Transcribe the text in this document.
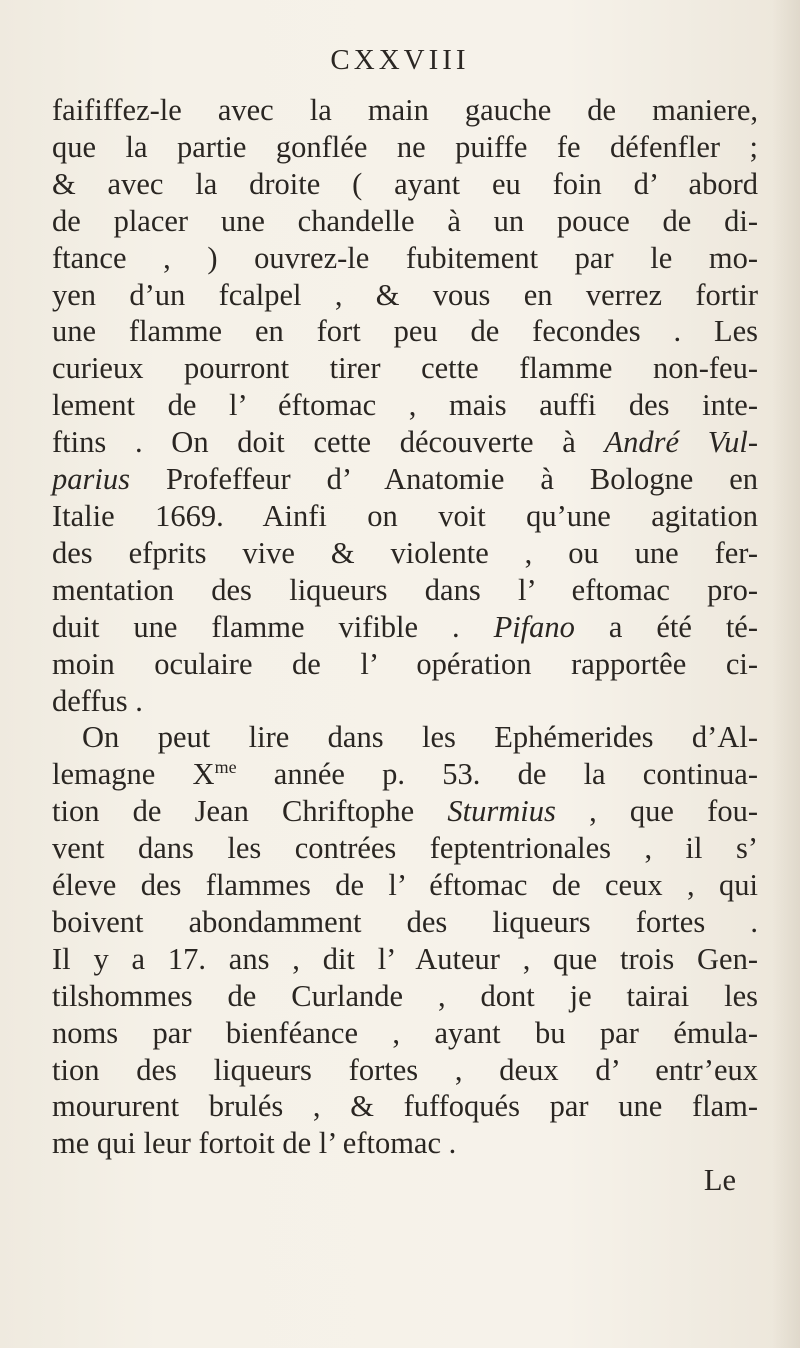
CXXVIII
faififfez-le avec la main gauche de maniere,
que la partie gonflée ne puiffe fe défenfler ;
& avec la droite ( ayant eu foin d’ abord
de placer une chandelle à un pouce de di-
ftance , ) ouvrez-le fubitement par le mo-
yen d’un fcalpel , & vous en verrez fortir
une flamme en fort peu de fecondes . Les
curieux pourront tirer cette flamme non-feu-
lement de l’ éftomac , mais auffi des inte-
ftins . On doit cette découverte à André Vul-
parius Profeffeur d’ Anatomie à Bologne en
Italie 1669. Ainfi on voit qu’une agitation
des efprits vive & violente , ou une fer-
mentation des liqueurs dans l’ eftomac pro-
duit une flamme vifible . Pifano a été té-
moin oculaire de l’ opération rapportêe ci-
deffus .
On peut lire dans les Ephémerides d’Al-
lemagne $X^{me}$ année p. 53. de la continua-
tion de Jean Chriftophe Sturmius , que fou-
vent dans les contrées feptentrionales , il s’
éleve des flammes de l’ éftomac de ceux , qui
boivent abondamment des liqueurs fortes .
Il y a 17. ans , dit l’ Auteur , que trois Gen-
tilshommes de Curlande , dont je tairai les
noms par bienféance , ayant bu par émula-
tion des liqueurs fortes , deux d’ entr’eux
moururent brulés , & fuffoqués par une flam-
me qui leur fortoit de l’ eftomac .
Le
